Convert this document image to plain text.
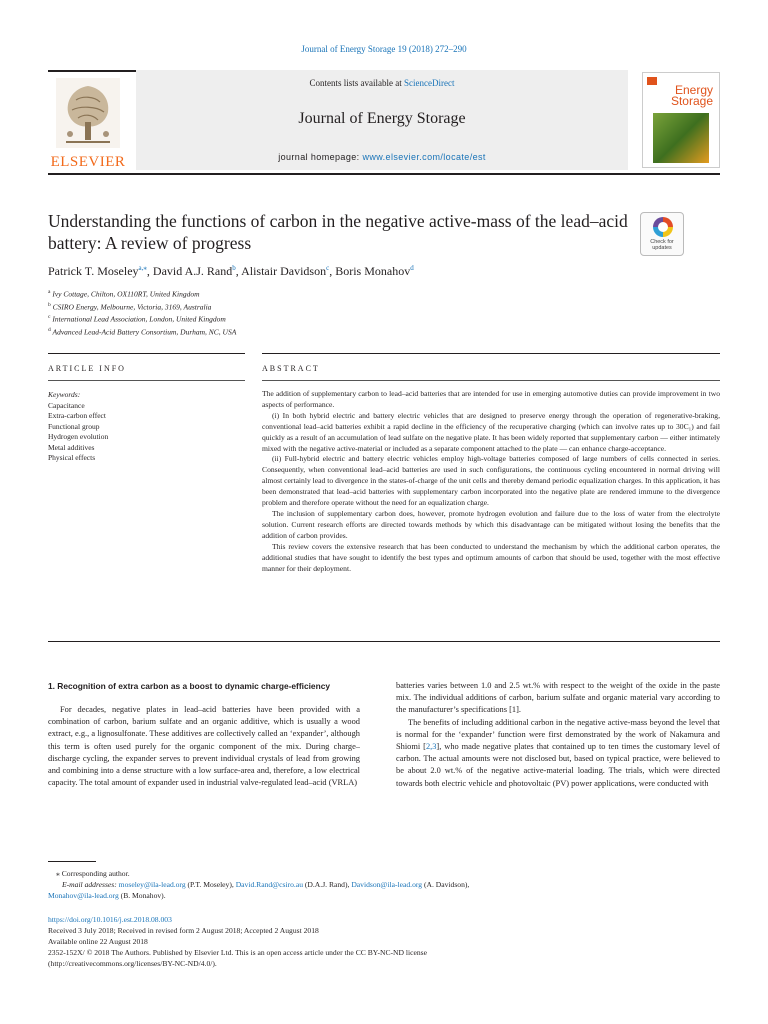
Journal of Energy Storage 19 (2018) 272–290
ELSEVIER
Contents lists available at ScienceDirect
Journal of Energy Storage
journal homepage: www.elsevier.com/locate/est
Energy
Storage
Understanding the functions of carbon in the negative active-mass of the lead–acid battery: A review of progress	Check for
updates
Patrick T. Moseley$^{a,⁎}$, David A.J. Rand$^b$, Alistair Davidson$^c$, Boris Monahov$^d$
$^a$ Ivy Cottage, Chilton, OX110RT, United Kingdom
$^b$ CSIRO Energy, Melbourne, Victoria, 3169, Australia
$^c$ International Lead Association, London, United Kingdom
$^d$ Advanced Lead-Acid Battery Consortium, Durham, NC, USA
ARTICLE INFO	ABSTRACT
Keywords:
Capacitance
Extra-carbon effect
Functional group
Hydrogen evolution
Metal additives
Physical effects

The addition of supplementary carbon to lead–acid batteries that are intended for use in emerging automotive duties can provide improvement in two aspects of performance.

(i) In both hybrid electric and battery electric vehicles that are designed to preserve energy through the operation of regenerative-braking, conventional lead–acid batteries exhibit a rapid decline in the efficiency of the recuperative charging (which can involve rates up to 30C₁) and fail quickly as a result of an accumulation of lead sulfate on the negative plate. It has been widely reported that supplementary carbon — either intimately mixed with the negative active-material or included as a separate component attached to the plate — can enhance charge-acceptance.

(ii) Full-hybrid electric and battery electric vehicles employ high-voltage batteries composed of large numbers of cells connected in series. Consequently, when conventional lead–acid batteries are used in such configurations, the continuous cycling encountered in normal driving will almost certainly lead to divergence in the states-of-charge of the unit cells and thereby demand periodic equalization charges. In this application, it has been demonstrated that lead–acid batteries with supplementary carbon incorporated into the negative plate are rendered immune to the divergence problem and therefore operate without the need for an equalization charge.

The inclusion of supplementary carbon does, however, promote hydrogen evolution and failure due to the loss of water from the electrolyte solution. Current research efforts are directed towards methods by which this disadvantage can be mitigated without losing the benefits that the addition of carbon provides.

This review covers the extensive research that has been conducted to understand the mechanism by which the additional carbon operates, the additional studies that have sought to identify the best types and optimum amounts of carbon that should be used, together with the most effective manner for their deployment.

1. Recognition of extra carbon as a boost to dynamic charge-efficiency

For decades, negative plates in lead–acid batteries have been provided with a combination of carbon, barium sulfate and an organic additive, which is usually a wood extract, e.g., a lignosulfonate. These additives are collectively called an ‘expander’, although this term is often used purely for the organic component of the mix. During charge–discharge cycling, the expander serves to prevent individual crystals of lead from growing and combining into a dense structure with a low surface-area and, therefore, a low electrical capacity. The total amount of expander used in industrial valve-regulated lead–acid (VRLA)

batteries varies between 1.0 and 2.5 wt.% with respect to the weight of the oxide in the paste mix. The individual additions of carbon, barium sulfate and organic material vary according to the manufacturer’s specifications [1].

The benefits of including additional carbon in the negative active-mass beyond the level that is normal for the ‘expander’ function were first demonstrated by the work of Nakamura and Shiomi [2,3], who made negative plates that contained up to ten times the customary level of carbon. The actual amounts were not disclosed but, based on typical practice, were believed to be about 2.0 wt.% of the negative active-material loading. The trials, which were directed towards both electric vehicle and photovoltaic (PV) power applications, were conducted with

⁎ Corresponding author.
E-mail addresses: moseley@ila-lead.org (P.T. Moseley), David.Rand@csiro.au (D.A.J. Rand), Davidson@ila-lead.org (A. Davidson),
Monahov@ila-lead.org (B. Monahov).
https://doi.org/10.1016/j.est.2018.08.003
Received 3 July 2018; Received in revised form 2 August 2018; Accepted 2 August 2018
Available online 22 August 2018
2352-152X/ © 2018 The Authors. Published by Elsevier Ltd. This is an open access article under the CC BY-NC-ND license
(http://creativecommons.org/licenses/BY-NC-ND/4.0/).
